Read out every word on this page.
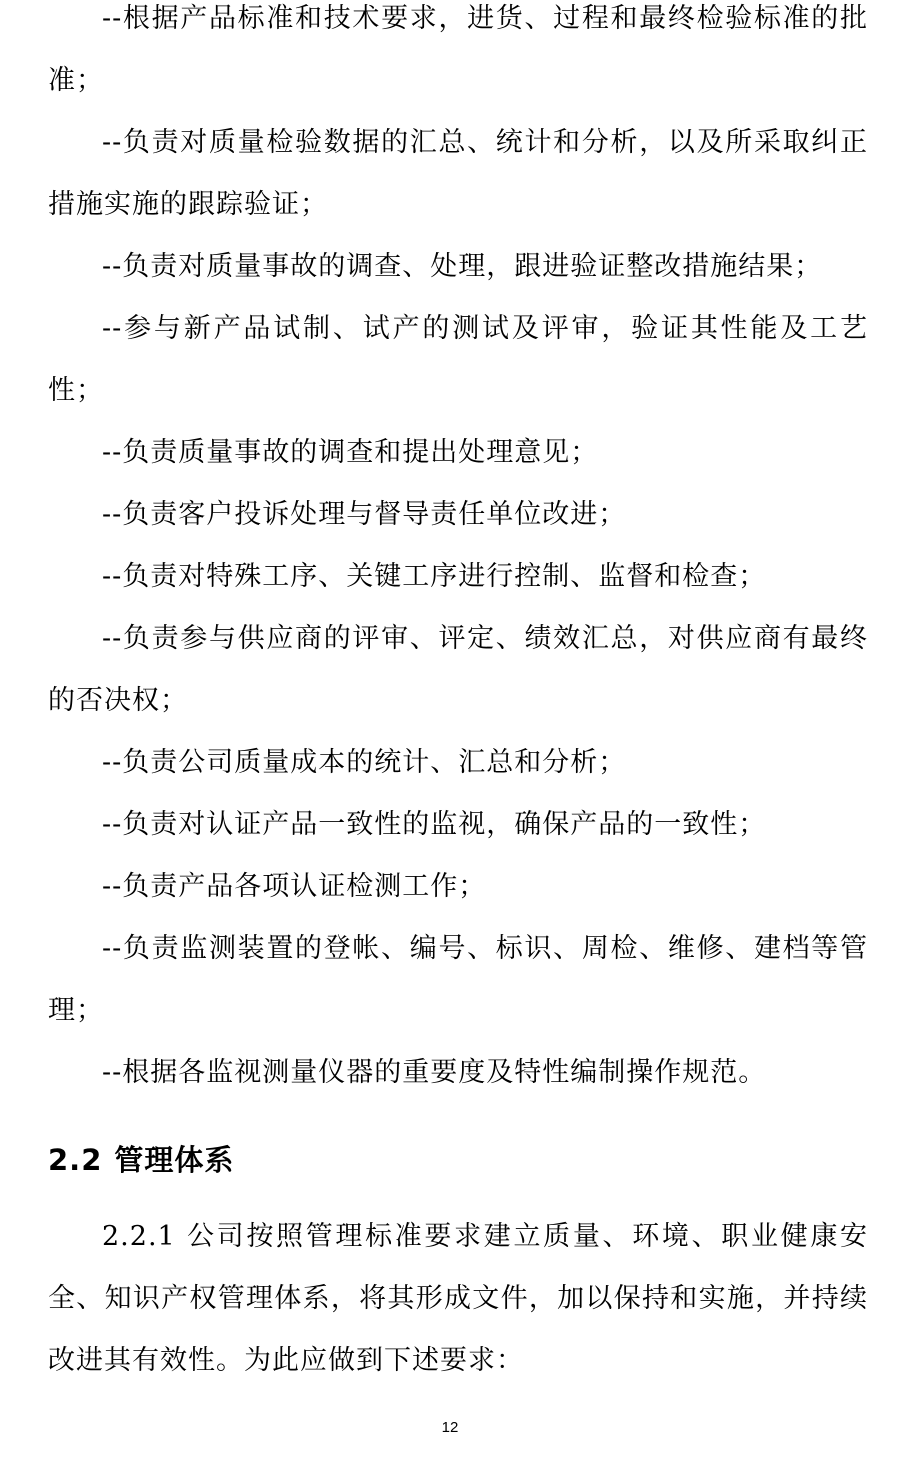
--根据产品标准和技术要求，进货、过程和最终检验标准的批准；

--负责对质量检验数据的汇总、统计和分析，以及所采取纠正措施实施的跟踪验证；

--负责对质量事故的调查、处理，跟进验证整改措施结果；

--参与新产品试制、试产的测试及评审，验证其性能及工艺性；

--负责质量事故的调查和提出处理意见；

--负责客户投诉处理与督导责任单位改进；

--负责对特殊工序、关键工序进行控制、监督和检查；

--负责参与供应商的评审、评定、绩效汇总，对供应商有最终的否决权；

--负责公司质量成本的统计、汇总和分析；

--负责对认证产品一致性的监视，确保产品的一致性；

--负责产品各项认证检测工作；

--负责监测装置的登帐、编号、标识、周检、维修、建档等管理；

--根据各监视测量仪器的重要度及特性编制操作规范。

2.2 管理体系

2.2.1 公司按照管理标准要求建立质量、环境、职业健康安全、知识产权管理体系，将其形成文件，加以保持和实施，并持续改进其有效性。为此应做到下述要求：

12
